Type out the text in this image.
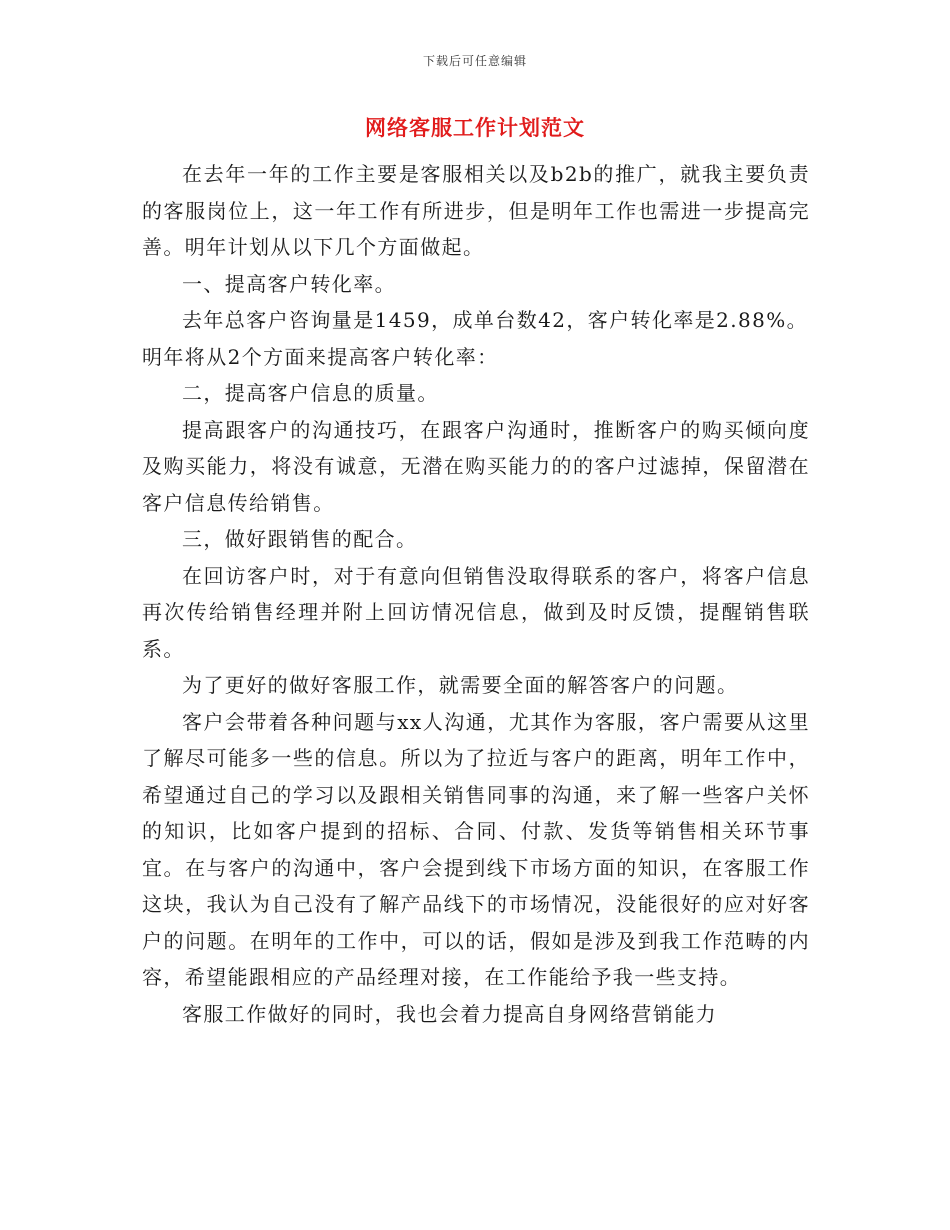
下载后可任意编辑
网络客服工作计划范文

在去年一年的工作主要是客服相关以及b2b的推广，就我主要负责的客服岗位上，这一年工作有所进步，但是明年工作也需进一步提高完善。明年计划从以下几个方面做起。

一、提高客户转化率。

去年总客户咨询量是1459，成单台数42，客户转化率是2.88%。

明年将从2个方面来提高客户转化率：

二，提高客户信息的质量。

提高跟客户的沟通技巧，在跟客户沟通时，推断客户的购买倾向度及购买能力，将没有诚意，无潜在购买能力的的客户过滤掉，保留潜在客户信息传给销售。

三，做好跟销售的配合。

在回访客户时，对于有意向但销售没取得联系的客户，将客户信息再次传给销售经理并附上回访情况信息，做到及时反馈，提醒销售联系。

为了更好的做好客服工作，就需要全面的解答客户的问题。

客户会带着各种问题与xx人沟通，尤其作为客服，客户需要从这里了解尽可能多一些的信息。所以为了拉近与客户的距离，明年工作中，希望通过自己的学习以及跟相关销售同事的沟通，来了解一些客户关怀的知识，比如客户提到的招标、合同、付款、发货等销售相关环节事宜。在与客户的沟通中，客户会提到线下市场方面的知识，在客服工作这块，我认为自己没有了解产品线下的市场情况，没能很好的应对好客户的问题。在明年的工作中，可以的话，假如是涉及到我工作范畴的内容，希望能跟相应的产品经理对接，在工作能给予我一些支持。

客服工作做好的同时，我也会着力提高自身网络营销能力
